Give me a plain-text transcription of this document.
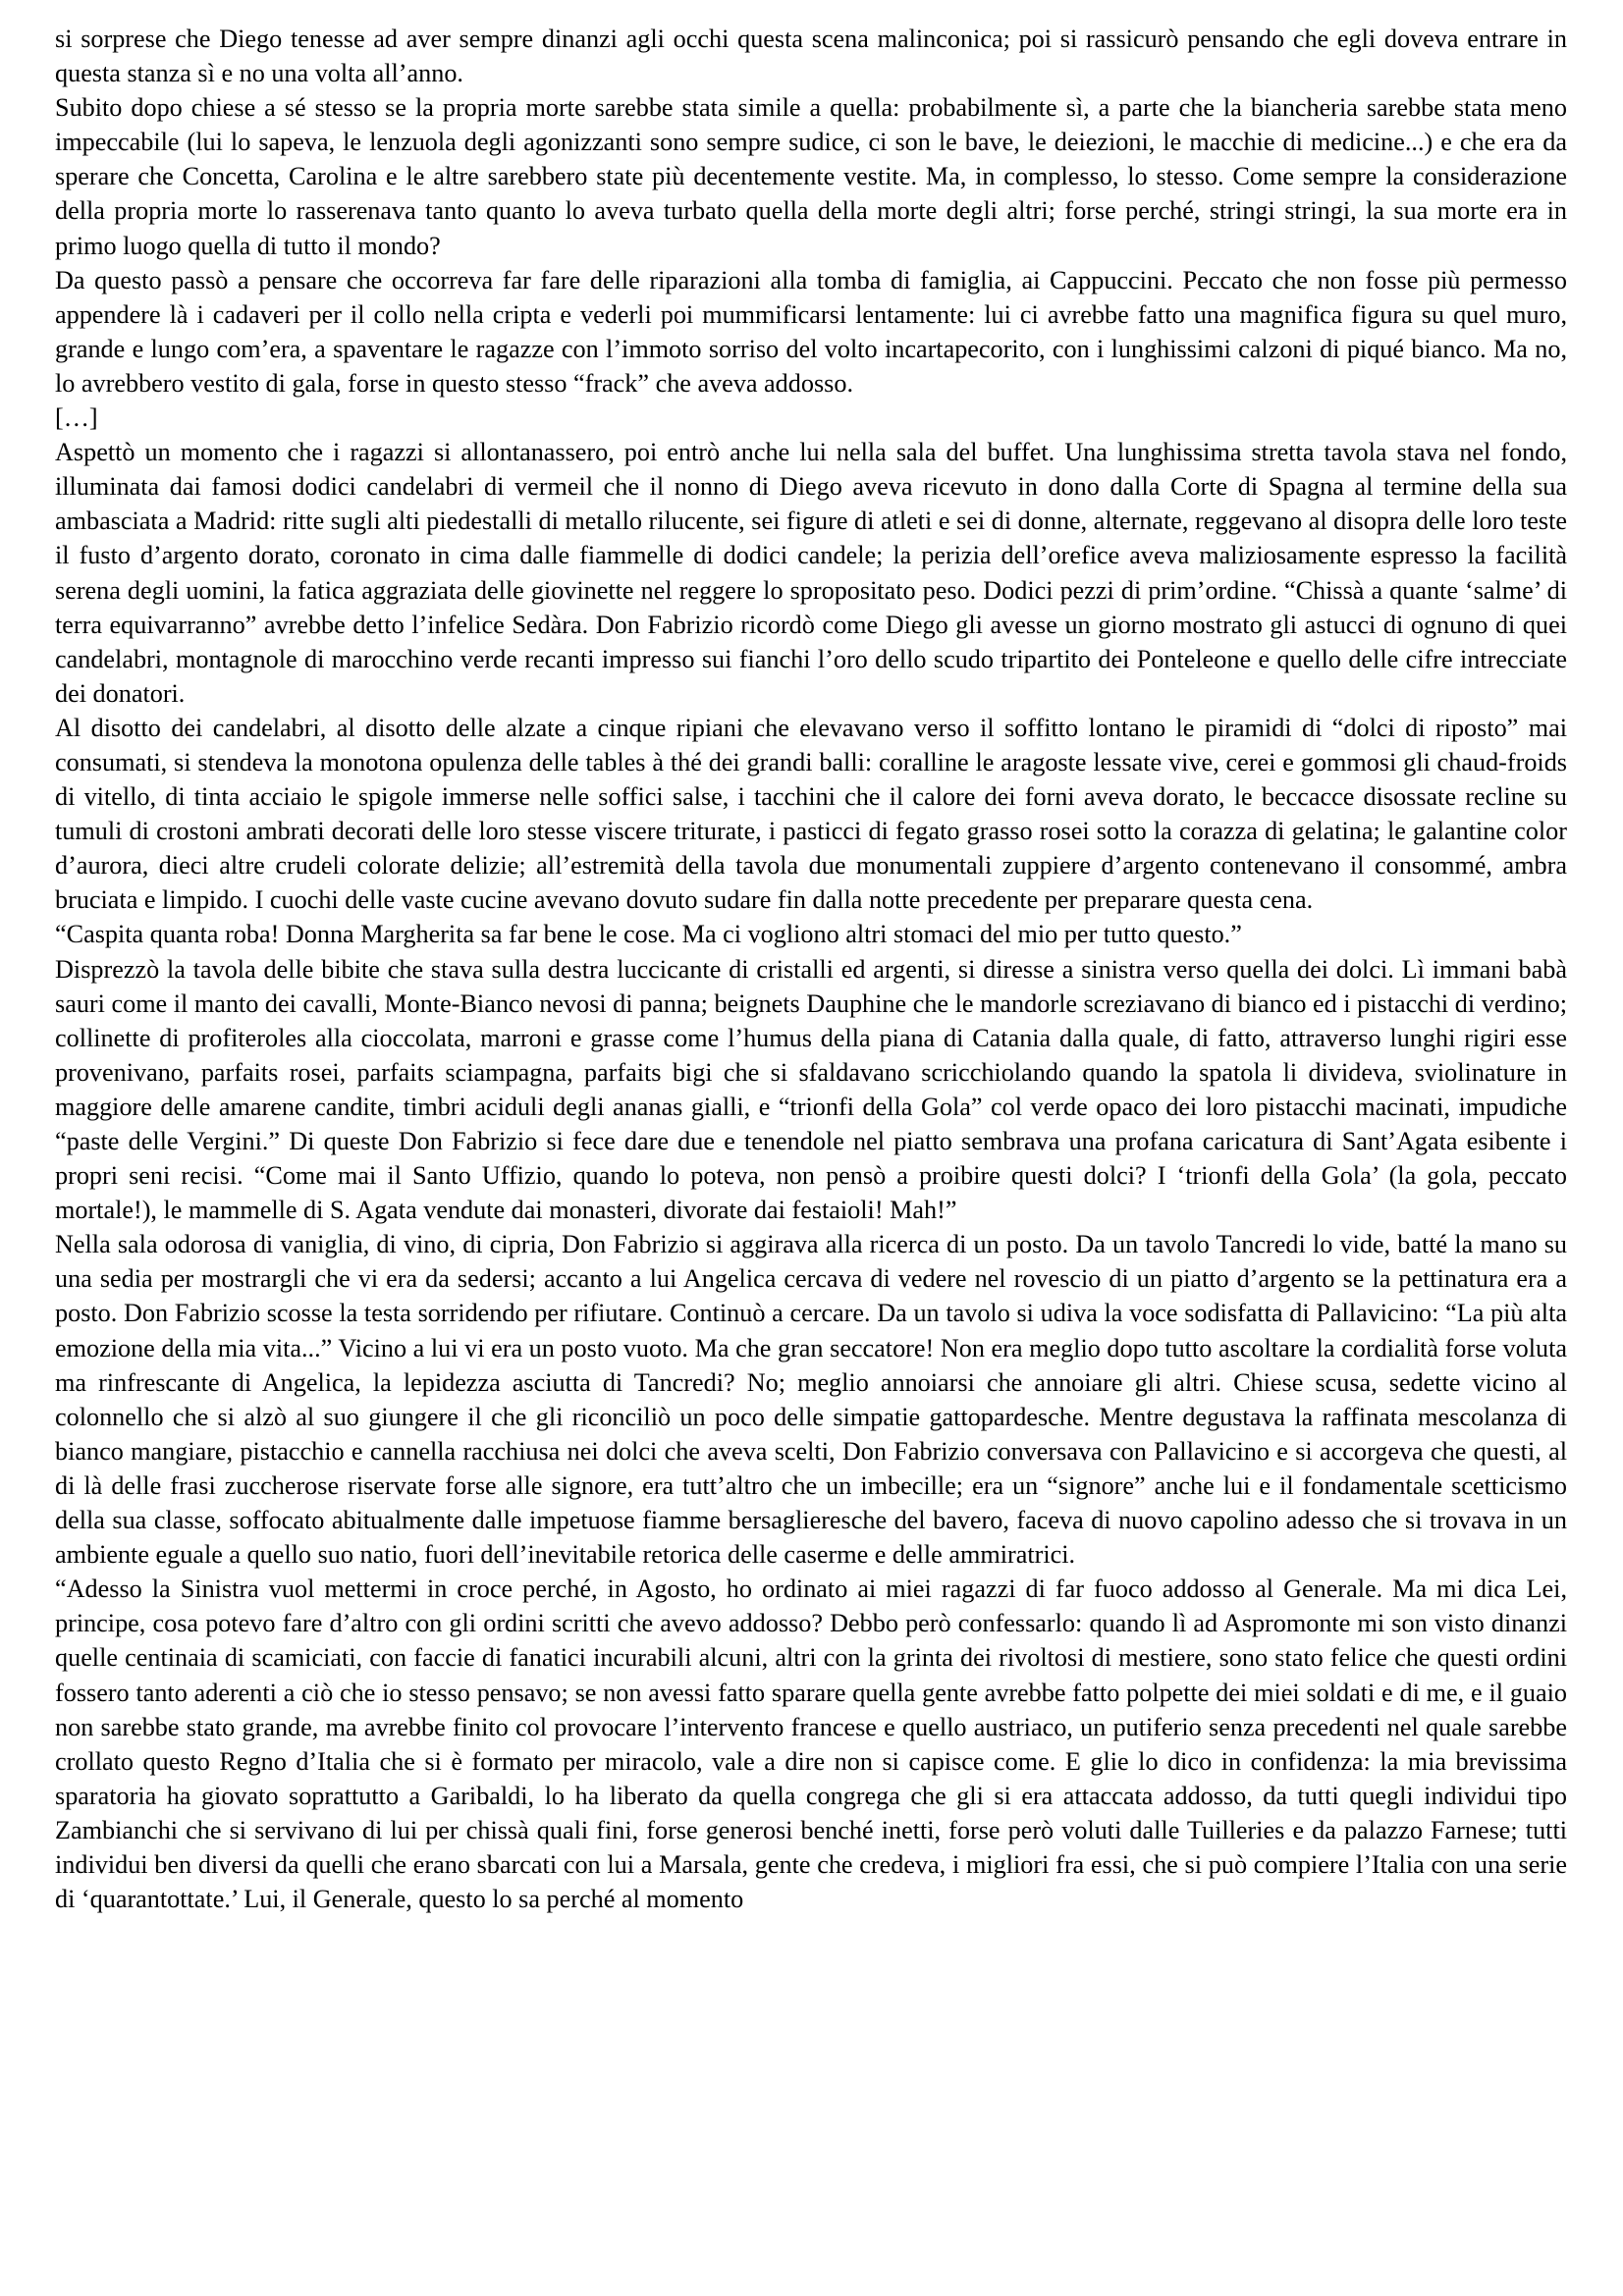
si sorprese che Diego tenesse ad aver sempre dinanzi agli occhi questa scena malinconica; poi si rassicurò pensando che egli doveva entrare in questa stanza sì e no una volta all’anno.

Subito dopo chiese a sé stesso se la propria morte sarebbe stata simile a quella: probabilmente sì, a parte che la biancheria sarebbe stata meno impeccabile (lui lo sapeva, le lenzuola degli agonizzanti sono sempre sudice, ci son le bave, le deiezioni, le macchie di medicine...) e che era da sperare che Concetta, Carolina e le altre sarebbero state più decentemente vestite. Ma, in complesso, lo stesso. Come sempre la considerazione della propria morte lo rasserenava tanto quanto lo aveva turbato quella della morte degli altri; forse perché, stringi stringi, la sua morte era in primo luogo quella di tutto il mondo?

Da questo passò a pensare che occorreva far fare delle riparazioni alla tomba di famiglia, ai Cappuccini. Peccato che non fosse più permesso appendere là i cadaveri per il collo nella cripta e vederli poi mummificarsi lentamente: lui ci avrebbe fatto una magnifica figura su quel muro, grande e lungo com’era, a spaventare le ragazze con l’immoto sorriso del volto incartapecorito, con i lunghissimi calzoni di piqué bianco. Ma no, lo avrebbero vestito di gala, forse in questo stesso “frack” che aveva addosso.

[…]

Aspettò un momento che i ragazzi si allontanassero, poi entrò anche lui nella sala del buffet. Una lunghissima stretta tavola stava nel fondo, illuminata dai famosi dodici candelabri di vermeil che il nonno di Diego aveva ricevuto in dono dalla Corte di Spagna al termine della sua ambasciata a Madrid: ritte sugli alti piedestalli di metallo rilucente, sei figure di atleti e sei di donne, alternate, reggevano al disopra delle loro teste il fusto d’argento dorato, coronato in cima dalle fiammelle di dodici candele; la perizia dell’orefice aveva maliziosamente espresso la facilità serena degli uomini, la fatica aggraziata delle giovinette nel reggere lo spropositato peso. Dodici pezzi di prim’ordine. “Chissà a quante ‘salme’ di terra equivarranno” avrebbe detto l’infelice Sedàra. Don Fabrizio ricordò come Diego gli avesse un giorno mostrato gli astucci di ognuno di quei candelabri, montagnole di marocchino verde recanti impresso sui fianchi l’oro dello scudo tripartito dei Ponteleone e quello delle cifre intrecciate dei donatori.

Al disotto dei candelabri, al disotto delle alzate a cinque ripiani che elevavano verso il soffitto lontano le piramidi di “dolci di riposto” mai consumati, si stendeva la monotona opulenza delle tables à thé dei grandi balli: coralline le aragoste lessate vive, cerei e gommosi gli chaud-froids di vitello, di tinta acciaio le spigole immerse nelle soffici salse, i tacchini che il calore dei forni aveva dorato, le beccacce disossate recline su tumuli di crostoni ambrati decorati delle loro stesse viscere triturate, i pasticci di fegato grasso rosei sotto la corazza di gelatina; le galantine color d’aurora, dieci altre crudeli colorate delizie; all’estremità della tavola due monumentali zuppiere d’argento contenevano il consommé, ambra bruciata e limpido. I cuochi delle vaste cucine avevano dovuto sudare fin dalla notte precedente per preparare questa cena.

“Caspita quanta roba! Donna Margherita sa far bene le cose. Ma ci vogliono altri stomaci del mio per tutto questo.”

Disprezzò la tavola delle bibite che stava sulla destra luccicante di cristalli ed argenti, si diresse a sinistra verso quella dei dolci. Lì immani babà sauri come il manto dei cavalli, Monte-Bianco nevosi di panna; beignets Dauphine che le mandorle screziavano di bianco ed i pistacchi di verdino; collinette di profiteroles alla cioccolata, marroni e grasse come l’humus della piana di Catania dalla quale, di fatto, attraverso lunghi rigiri esse provenivano, parfaits rosei, parfaits sciampagna, parfaits bigi che si sfaldavano scricchiolando quando la spatola li divideva, sviolinature in maggiore delle amarene candite, timbri aciduli degli ananas gialli, e “trionfi della Gola” col verde opaco dei loro pistacchi macinati, impudiche “paste delle Vergini.” Di queste Don Fabrizio si fece dare due e tenendole nel piatto sembrava una profana caricatura di Sant’Agata esibente i propri seni recisi. “Come mai il Santo Uffizio, quando lo poteva, non pensò a proibire questi dolci? I ‘trionfi della Gola’ (la gola, peccato mortale!), le mammelle di S. Agata vendute dai monasteri, divorate dai festaioli! Mah!”

Nella sala odorosa di vaniglia, di vino, di cipria, Don Fabrizio si aggirava alla ricerca di un posto. Da un tavolo Tancredi lo vide, batté la mano su una sedia per mostrargli che vi era da sedersi; accanto a lui Angelica cercava di vedere nel rovescio di un piatto d’argento se la pettinatura era a posto. Don Fabrizio scosse la testa sorridendo per rifiutare. Continuò a cercare. Da un tavolo si udiva la voce sodisfatta di Pallavicino: “La più alta emozione della mia vita...” Vicino a lui vi era un posto vuoto. Ma che gran seccatore! Non era meglio dopo tutto ascoltare la cordialità forse voluta ma rinfrescante di Angelica, la lepidezza asciutta di Tancredi? No; meglio annoiarsi che annoiare gli altri. Chiese scusa, sedette vicino al colonnello che si alzò al suo giungere il che gli riconciliò un poco delle simpatie gattopardesche. Mentre degustava la raffinata mescolanza di bianco mangiare, pistacchio e cannella racchiusa nei dolci che aveva scelti, Don Fabrizio conversava con Pallavicino e si accorgeva che questi, al di là delle frasi zuccherose riservate forse alle signore, era tutt’altro che un imbecille; era un “signore” anche lui e il fondamentale scetticismo della sua classe, soffocato abitualmente dalle impetuose fiamme bersaglieresche del bavero, faceva di nuovo capolino adesso che si trovava in un ambiente eguale a quello suo natio, fuori dell’inevitabile retorica delle caserme e delle ammiratrici.

“Adesso la Sinistra vuol mettermi in croce perché, in Agosto, ho ordinato ai miei ragazzi di far fuoco addosso al Generale. Ma mi dica Lei, principe, cosa potevo fare d’altro con gli ordini scritti che avevo addosso? Debbo però confessarlo: quando lì ad Aspromonte mi son visto dinanzi quelle centinaia di scamiciati, con faccie di fanatici incurabili alcuni, altri con la grinta dei rivoltosi di mestiere, sono stato felice che questi ordini fossero tanto aderenti a ciò che io stesso pensavo; se non avessi fatto sparare quella gente avrebbe fatto polpette dei miei soldati e di me, e il guaio non sarebbe stato grande, ma avrebbe finito col provocare l’intervento francese e quello austriaco, un putiferio senza precedenti nel quale sarebbe crollato questo Regno d’Italia che si è formato per miracolo, vale a dire non si capisce come. E glie lo dico in confidenza: la mia brevissima sparatoria ha giovato soprattutto a Garibaldi, lo ha liberato da quella congrega che gli si era attaccata addosso, da tutti quegli individui tipo Zambianchi che si servivano di lui per chissà quali fini, forse generosi benché inetti, forse però voluti dalle Tuilleries e da palazzo Farnese; tutti individui ben diversi da quelli che erano sbarcati con lui a Marsala, gente che credeva, i migliori fra essi, che si può compiere l’Italia con una serie di ‘quarantottate.’ Lui, il Generale, questo lo sa perché al momento
